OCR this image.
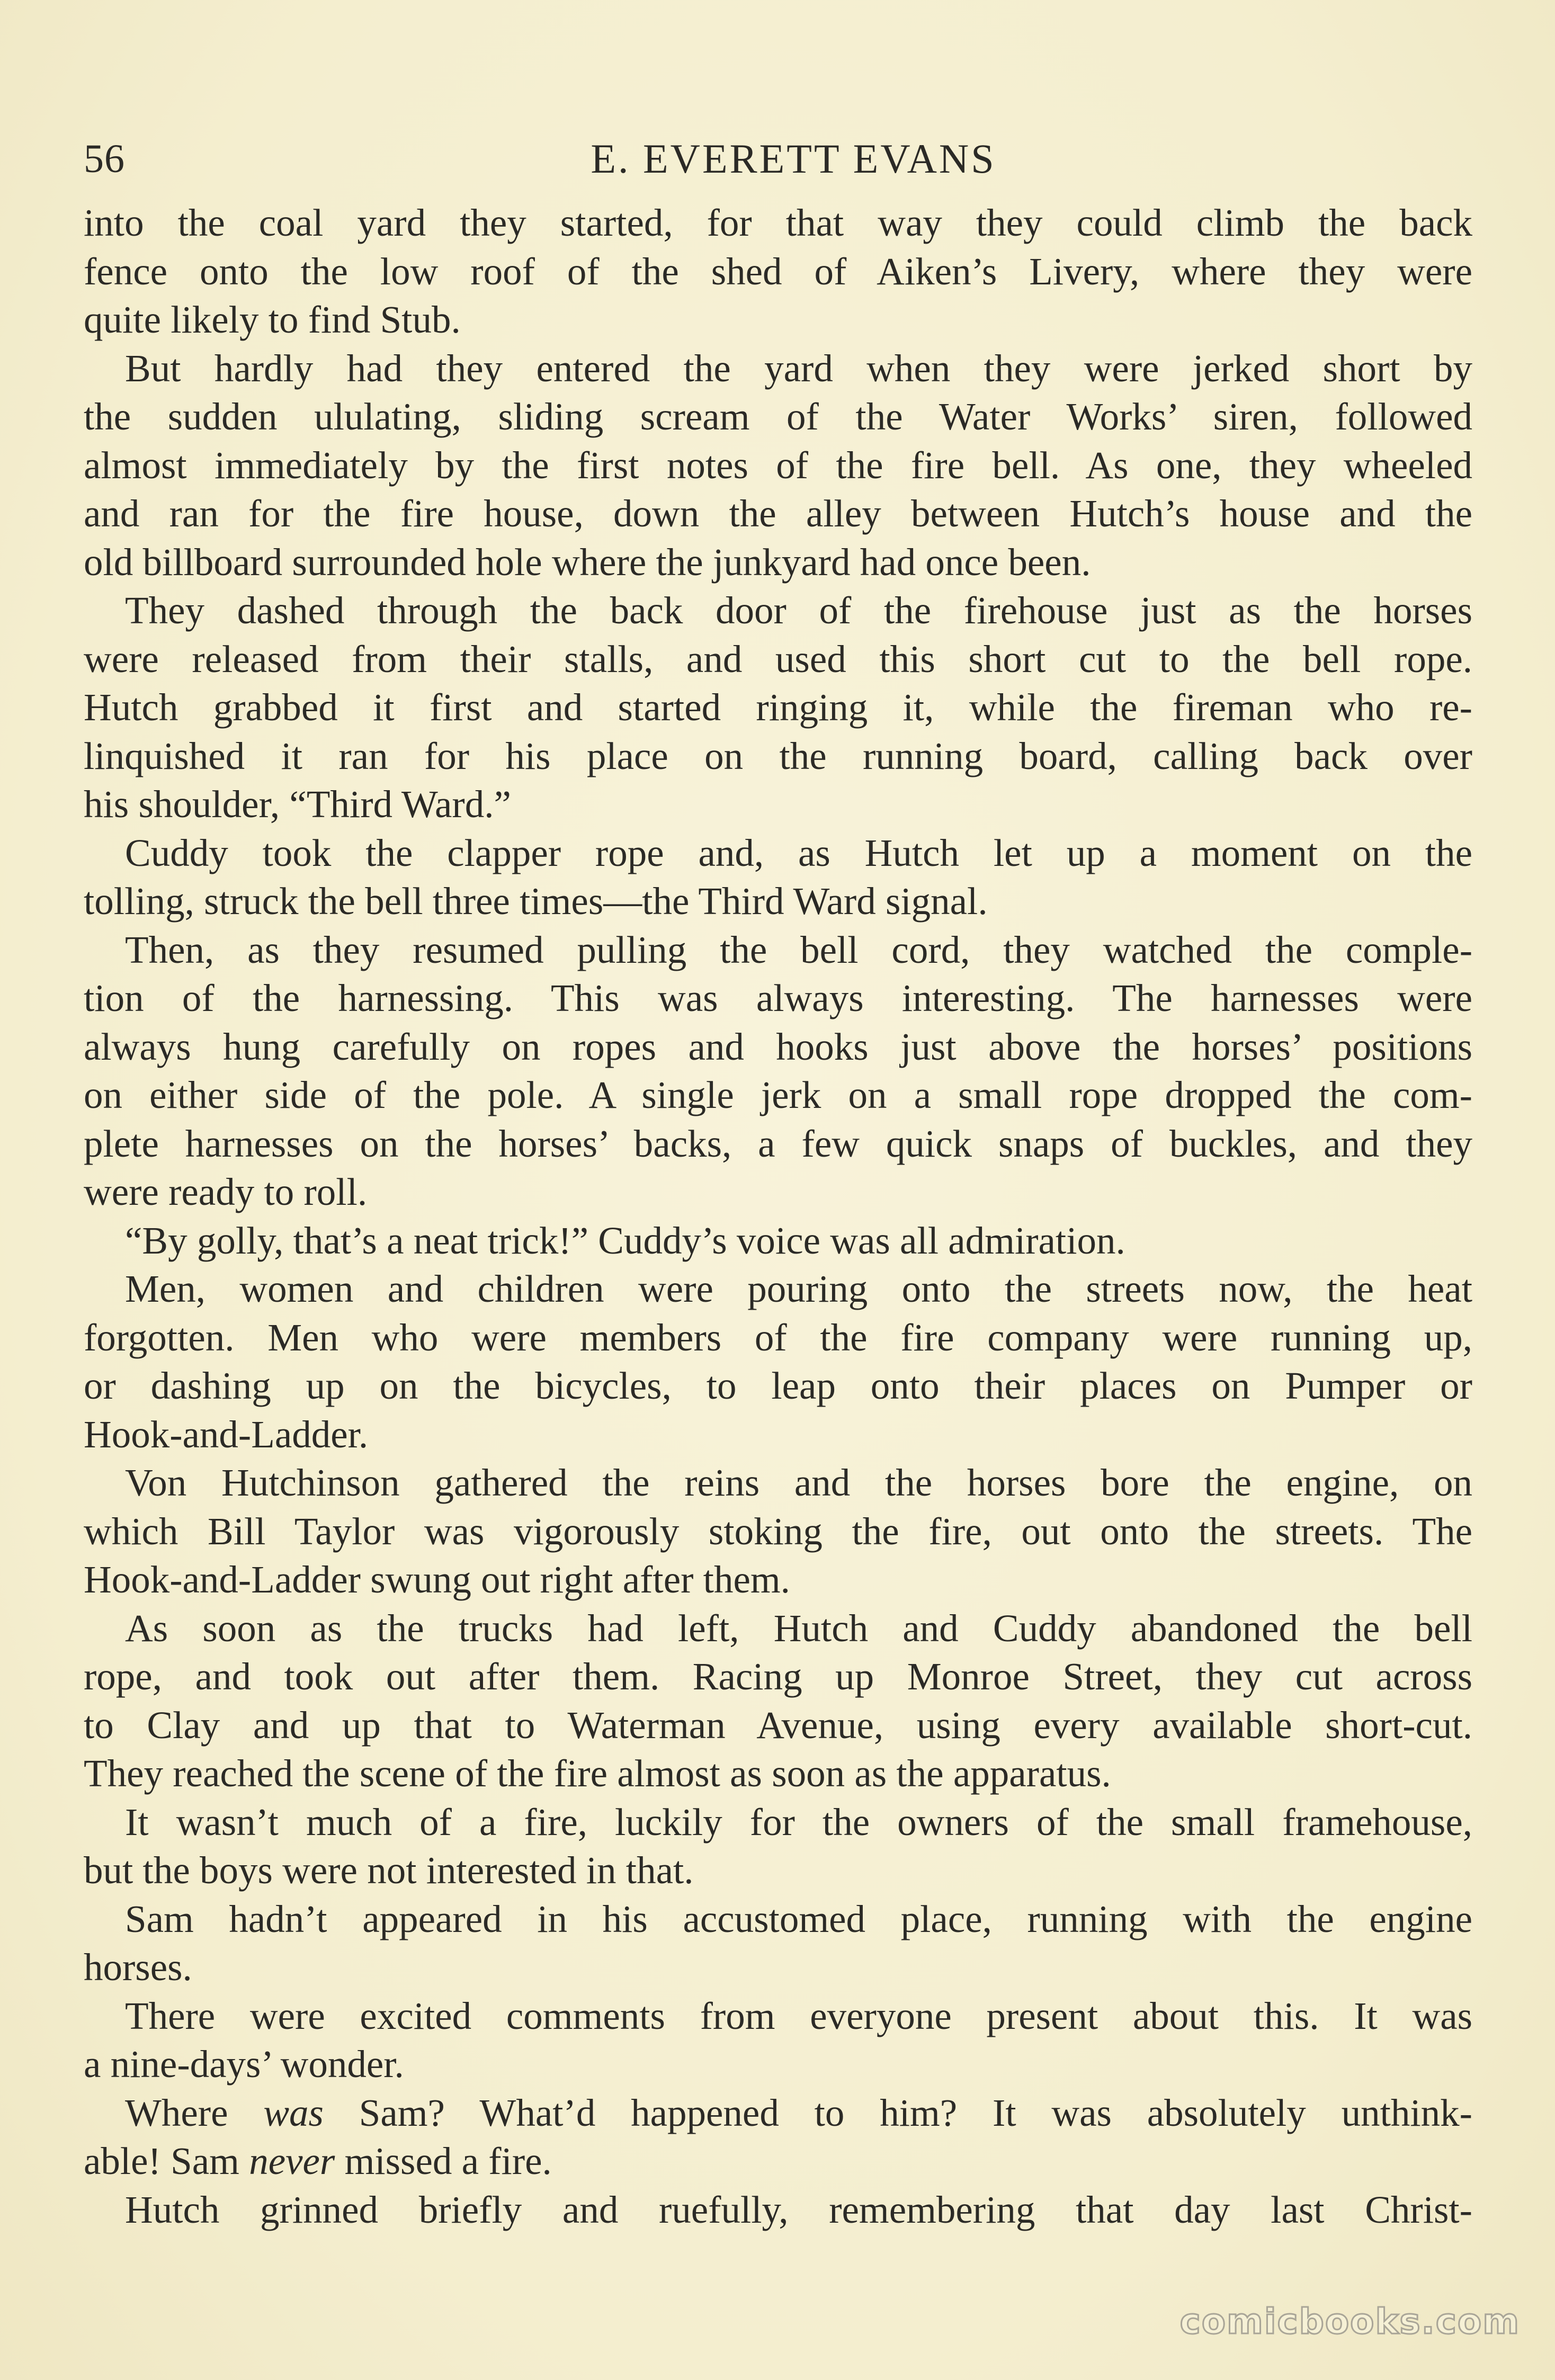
56	E. EVERETT EVANS
into the coal yard they started, for that way they could climb the back
fence onto the low roof of the shed of Aiken’s Livery, where they were
quite likely to find Stub.
But hardly had they entered the yard when they were jerked short by
the sudden ululating, sliding scream of the Water Works’ siren, followed
almost immediately by the first notes of the fire bell. As one, they wheeled
and ran for the fire house, down the alley between Hutch’s house and the
old billboard surrounded hole where the junkyard had once been.
They dashed through the back door of the firehouse just as the horses
were released from their stalls, and used this short cut to the bell rope.
Hutch grabbed it first and started ringing it, while the fireman who re-
linquished it ran for his place on the running board, calling back over
his shoulder, “Third Ward.”
Cuddy took the clapper rope and, as Hutch let up a moment on the
tolling, struck the bell three times—the Third Ward signal.
Then, as they resumed pulling the bell cord, they watched the comple-
tion of the harnessing. This was always interesting. The harnesses were
always hung carefully on ropes and hooks just above the horses’ positions
on either side of the pole. A single jerk on a small rope dropped the com-
plete harnesses on the horses’ backs, a few quick snaps of buckles, and they
were ready to roll.
“By golly, that’s a neat trick!” Cuddy’s voice was all admiration.
Men, women and children were pouring onto the streets now, the heat
forgotten. Men who were members of the fire company were running up,
or dashing up on the bicycles, to leap onto their places on Pumper or
Hook-and-Ladder.
Von Hutchinson gathered the reins and the horses bore the engine, on
which Bill Taylor was vigorously stoking the fire, out onto the streets. The
Hook-and-Ladder swung out right after them.
As soon as the trucks had left, Hutch and Cuddy abandoned the bell
rope, and took out after them. Racing up Monroe Street, they cut across
to Clay and up that to Waterman Avenue, using every available short-cut.
They reached the scene of the fire almost as soon as the apparatus.
It wasn’t much of a fire, luckily for the owners of the small framehouse,
but the boys were not interested in that.
Sam hadn’t appeared in his accustomed place, running with the engine
horses.
There were excited comments from everyone present about this. It was
a nine-days’ wonder.
Where was Sam? What’d happened to him? It was absolutely unthink-
able! Sam never missed a fire.
Hutch grinned briefly and ruefully, remembering that day last Christ-
comicbooks.com
